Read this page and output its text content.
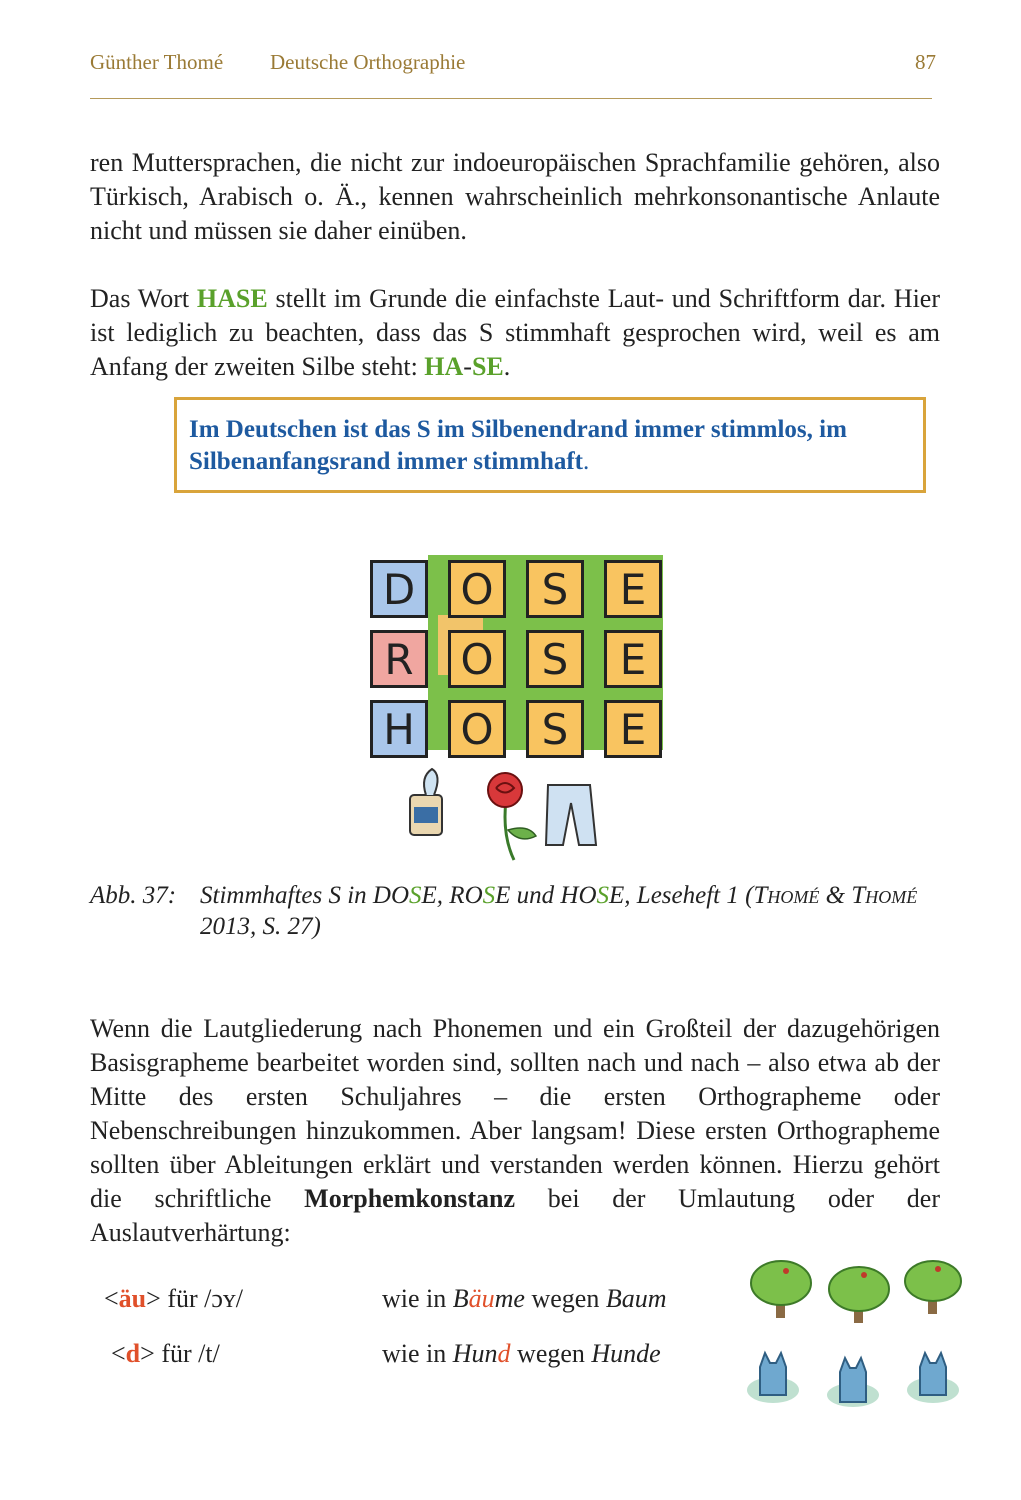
Günther Thomé Deutsche Orthographie	87

ren Muttersprachen, die nicht zur indoeuropäischen Sprachfamilie gehören, also Türkisch, Arabisch o. Ä., kennen wahrscheinlich mehrkonsonantische Anlaute nicht und müssen sie daher einüben.

Das Wort HASE stellt im Grunde die einfachste Laut- und Schriftform dar. Hier ist lediglich zu beachten, dass das S stimmhaft gesprochen wird, weil es am Anfang der zweiten Silbe steht: HA-SE.

Im Deutschen ist das S im Silbenendrand immer stimmlos, im Silbenanfangsrand immer stimmhaft.
D	O	S	E
R	O	S	E
H	O	S	E
Abb. 37: Stimmhaftes S in DOSE, ROSE und HOSE, Leseheft 1 (Thomé & Thomé 2013, S. 27)

Wenn die Lautgliederung nach Phonemen und ein Großteil der dazugehörigen Basisgrapheme bearbeitet worden sind, sollten nach und nach – also etwa ab der Mitte des ersten Schuljahres – die ersten Orthographeme oder Nebenschreibungen hinzukommen. Aber langsam! Diese ersten Orthographeme sollten über Ableitungen erklärt und verstanden werden können. Hierzu gehört die schriftliche Morphemkonstanz bei der Umlautung oder der Auslautverhärtung:

<äu> für /ɔʏ/	wie in Bäume wegen Baum
<d> für /t/	wie in Hund wegen Hunde
